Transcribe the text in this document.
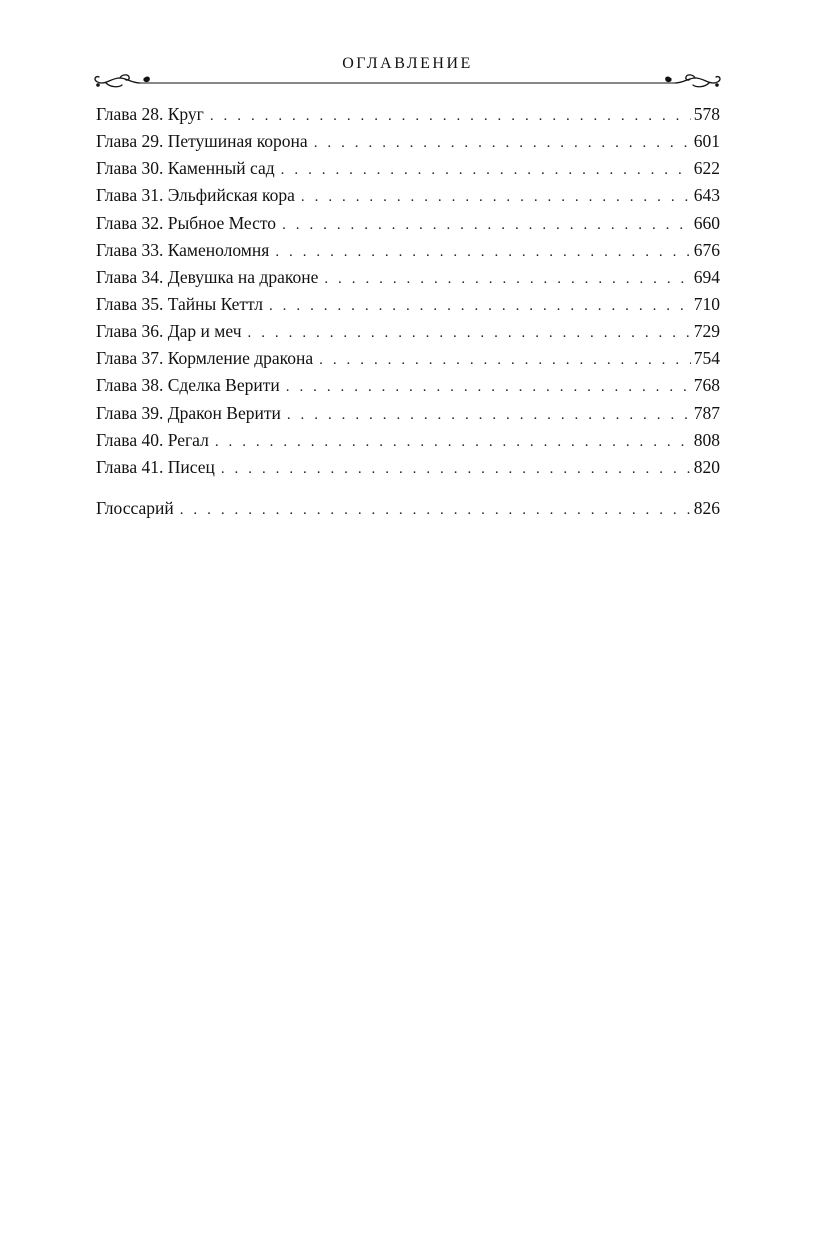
ОГЛАВЛЕНИЕ
Глава 28. Круг . . .	578
Глава 29. Петушиная корона . . .	601
Глава 30. Каменный сад . . .	622
Глава 31. Эльфийская кора . . .	643
Глава 32. Рыбное Место . . .	660
Глава 33. Каменоломня . . .	676
Глава 34. Девушка на драконе . . .	694
Глава 35. Тайны Кеттл . . .	710
Глава 36. Дар и меч . . .	729
Глава 37. Кормление дракона . . .	754
Глава 38. Сделка Верити . . .	768
Глава 39. Дракон Верити . . .	787
Глава 40. Регал . . .	808
Глава 41. Писец . . .	820
Глоссарий . . .	826
